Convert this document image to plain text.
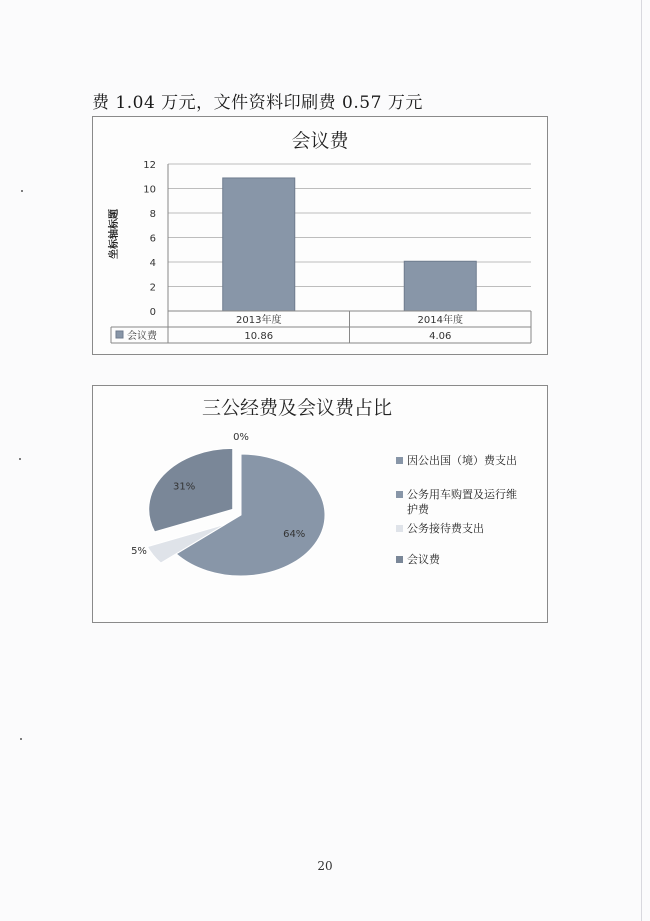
费 1.04 万元，文件资料印刷费 0.57 万元
会议费
0
2
4
6
8
10
12
坐标轴标题
2013年度
10.86
2014年度
4.06
会议费
三公经费及会议费占比
0%
64%
5%
31%
因公出国（境）费支出
公务用车购置及运行维
护费
公务接待费支出
会议费
20
